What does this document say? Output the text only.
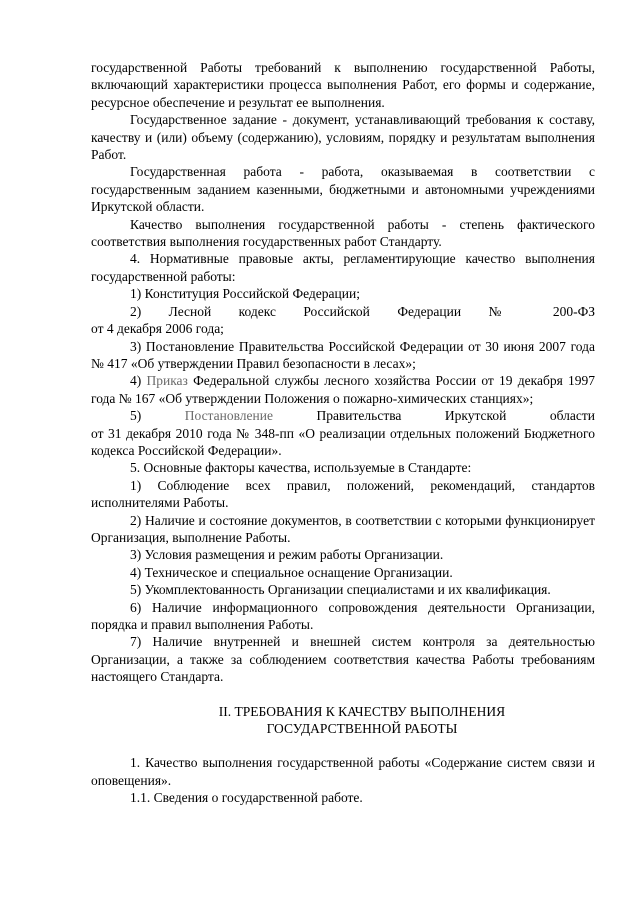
государственной Работы требований к выполнению государственной Работы, включающий характеристики процесса выполнения Работ, его формы и содержание, ресурсное обеспечение и результат ее выполнения.

Государственное задание - документ, устанавливающий требования к составу, качеству и (или) объему (содержанию), условиям, порядку и результатам выполнения Работ.

Государственная работа - работа, оказываемая в соответствии с государственным заданием казенными, бюджетными и автономными учреждениями Иркутской области.

Качество выполнения государственной работы - степень фактического соответствия выполнения государственных работ Стандарту.

4. Нормативные правовые акты, регламентирующие качество выполнения государственной работы:

1) Конституция Российской Федерации;

2) Лесной кодекс Российской Федерации № 200-ФЗ

от 4 декабря 2006 года;

3) Постановление Правительства Российской Федерации от 30 июня 2007 года № 417 «Об утверждении Правил безопасности в лесах»;

4) Приказ Федеральной службы лесного хозяйства России от 19 декабря 1997 года № 167 «Об утверждении Положения о пожарно-химических станциях»;

5) Постановление Правительства Иркутской области

от 31 декабря 2010 года № 348-пп «О реализации отдельных положений Бюджетного кодекса Российской Федерации».

5. Основные факторы качества, используемые в Стандарте:

1) Соблюдение всех правил, положений, рекомендаций, стандартов исполнителями Работы.

2) Наличие и состояние документов, в соответствии с которыми функционирует Организация, выполнение Работы.

3) Условия размещения и режим работы Организации.

4) Техническое и специальное оснащение Организации.

5) Укомплектованность Организации специалистами и их квалификация.

6) Наличие информационного сопровождения деятельности Организации, порядка и правил выполнения Работы.

7) Наличие внутренней и внешней систем контроля за деятельностью Организации, а также за соблюдением соответствия качества Работы требованиям настоящего Стандарта.

II. ТРЕБОВАНИЯ К КАЧЕСТВУ ВЫПОЛНЕНИЯ

ГОСУДАРСТВЕННОЙ РАБОТЫ

1. Качество выполнения государственной работы «Содержание систем связи и оповещения».

1.1. Сведения о государственной работе.
